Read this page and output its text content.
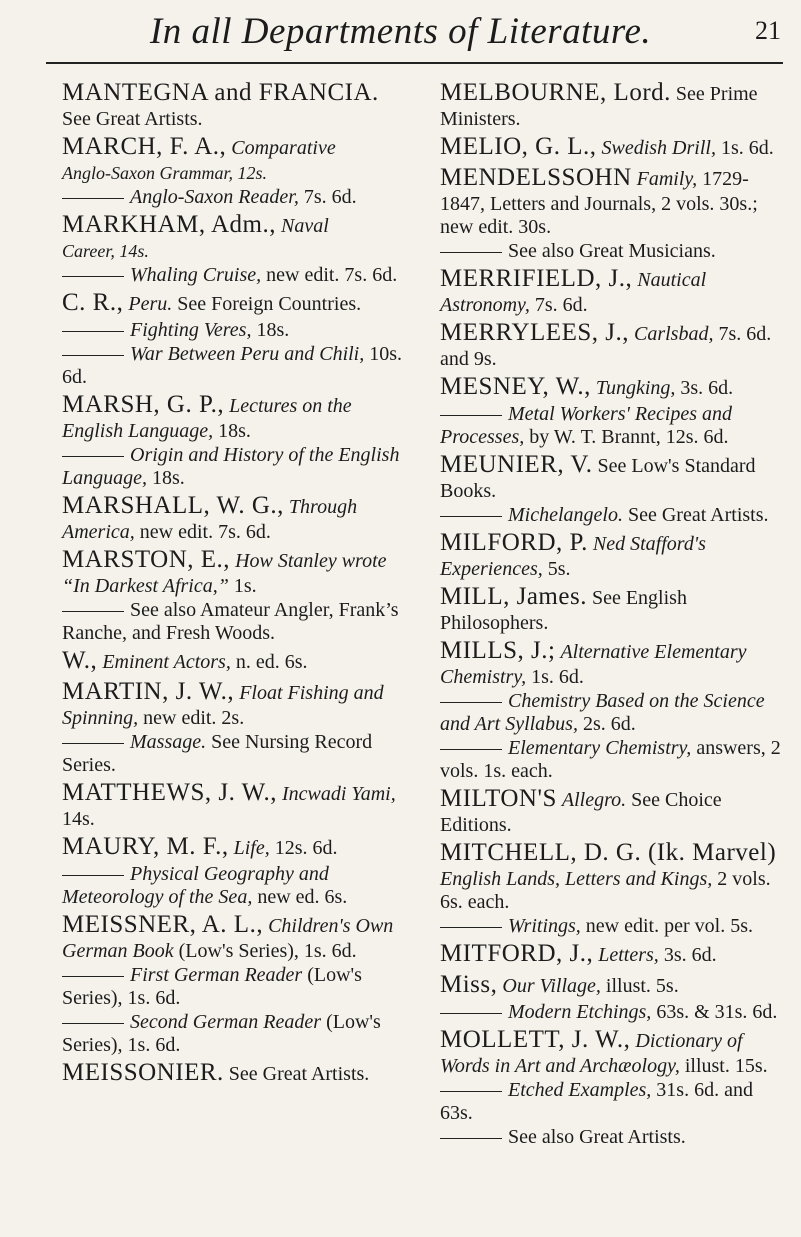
In all Departments of Literature.	21
MANTEGNA and FRANCIA. See Great Artists.
MARCH, F. A., Comparative
Anglo-Saxon Grammar, 12s.
Anglo-Saxon Reader, 7s. 6d.
MARKHAM, Adm., Naval
Career, 14s.
Whaling Cruise, new edit. 7s. 6d.
C. R., Peru. See Foreign Countries.
Fighting Veres, 18s.
War Between Peru and Chili, 10s. 6d.
MARSH, G. P., Lectures on the English Language, 18s.
Origin and History of the English Language, 18s.
MARSHALL, W. G., Through America, new edit. 7s. 6d.
MARSTON, E., How Stanley wrote “In Darkest Africa,” 1s.
See also Amateur Angler, Frank’s Ranche, and Fresh Woods.
W., Eminent Actors, n. ed. 6s.
MARTIN, J. W., Float Fishing and Spinning, new edit. 2s.
Massage. See Nursing Record Series.
MATTHEWS, J. W., Incwadi Yami, 14s.
MAURY, M. F., Life, 12s. 6d.
Physical Geography and Meteorology of the Sea, new ed. 6s.
MEISSNER, A. L., Children's Own German Book (Low's Series), 1s. 6d.
First German Reader (Low's Series), 1s. 6d.
Second German Reader (Low's Series), 1s. 6d.
MEISSONIER. See Great Artists.
MELBOURNE, Lord. See Prime Ministers.
MELIO, G. L., Swedish Drill, 1s. 6d.
MENDELSSOHN Family, 1729-1847, Letters and Journals, 2 vols. 30s.; new edit. 30s.
See also Great Musicians.
MERRIFIELD, J., Nautical Astronomy, 7s. 6d.
MERRYLEES, J., Carlsbad, 7s. 6d. and 9s.
MESNEY, W., Tungking, 3s. 6d.
Metal Workers' Recipes and Processes, by W. T. Brannt, 12s. 6d.
MEUNIER, V. See Low's Standard Books.
Michelangelo. See Great Artists.
MILFORD, P. Ned Stafford's Experiences, 5s.
MILL, James. See English Philosophers.
MILLS, J.; Alternative Elementary Chemistry, 1s. 6d.
Chemistry Based on the Science and Art Syllabus, 2s. 6d.
Elementary Chemistry, answers, 2 vols. 1s. each.
MILTON'S Allegro. See Choice Editions.
MITCHELL, D. G. (Ik. Marvel) English Lands, Letters and Kings, 2 vols. 6s. each.
Writings, new edit. per vol. 5s.
MITFORD, J., Letters, 3s. 6d.
Miss, Our Village, illust. 5s.
Modern Etchings, 63s. & 31s. 6d.
MOLLETT, J. W., Dictionary of Words in Art and Archæology, illust. 15s.
Etched Examples, 31s. 6d. and 63s.
See also Great Artists.
